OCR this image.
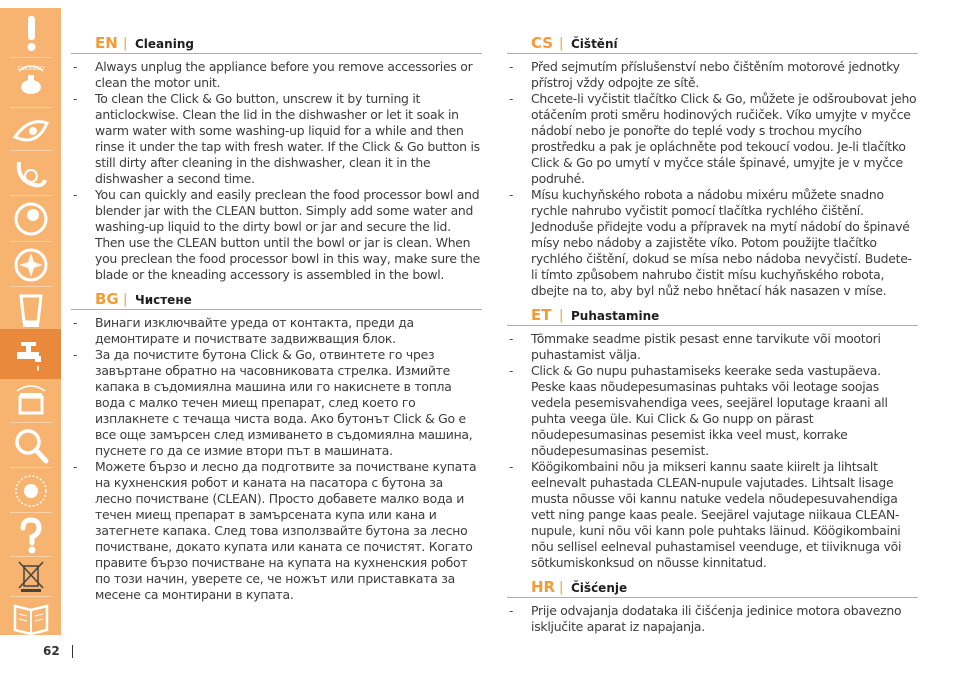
CLICK&GO
EN | Cleaning
- Always unplug the appliance before you remove accessories or clean the motor unit.
- To clean the Click & Go button, unscrew it by turning it anticlockwise. Clean the lid in the dishwasher or let it soak in warm water with some washing-up liquid for a while and then rinse it under the tap with fresh water. If the Click & Go button is still dirty after cleaning in the dishwasher, clean it in the dishwasher a second time.
- You can quickly and easily preclean the food processor bowl and blender jar with the CLEAN button. Simply add some water and washing-up liquid to the dirty bowl or jar and secure the lid. Then use the CLEAN button until the bowl or jar is clean. When you preclean the food processor bowl in this way, make sure the blade or the kneading accessory is assembled in the bowl.
BG | Чистене
- Винаги изключвайте уреда от контакта, преди да демонтирате и почиствате задвижващия блок.
- За да почистите бутона Click & Go, отвинтете го чрез завъртане обратно на часовниковата стрелка. Измийте капака в съдомиялна машина или го накиснете в топла вода с малко течен миещ препарат, след което го изплакнете с течаща чиста вода. Ако бутонът Click & Go е все още замърсен след измиването в съдомиялна машина, пуснете го да се измие втори път в машината.
- Можете бързо и лесно да подготвите за почистване купата на кухненския робот и каната на пасатора с бутона за лесно почистване (CLEAN). Просто добавете малко вода и течен миещ препарат в замърсената купа или кана и затегнете капака. След това използвайте бутона за лесно почистване, докато купата или каната се почистят. Когато правите бързо почистване на купата на кухненския робот по този начин, уверете се, че ножът или приставката за месене са монтирани в купата.
CS | Čištění
- Před sejmutím příslušenství nebo čištěním motorové jednotky přístroj vždy odpojte ze sítě.
- Chcete-li vyčistit tlačítko Click & Go, můžete je odšroubovat jeho otáčením proti směru hodinových ručiček. Víko umyjte v myčce nádobí nebo je ponořte do teplé vody s trochou mycího prostředku a pak je opláchněte pod tekoucí vodou. Je-li tlačítko Click & Go po umytí v myčce stále špinavé, umyjte je v myčce podruhé.
- Mísu kuchyňského robota a nádobu mixéru můžete snadno rychle nahrubo vyčistit pomocí tlačítka rychlého čištění. Jednoduše přidejte vodu a přípravek na mytí nádobí do špinavé mísy nebo nádoby a zajistěte víko. Potom použijte tlačítko rychlého čištění, dokud se mísa nebo nádoba nevyčistí. Budete-li tímto způsobem nahrubo čistit mísu kuchyňského robota, dbejte na to, aby byl nůž nebo hnětací hák nasazen v míse.
ET | Puhastamine
- Tõmmake seadme pistik pesast enne tarvikute või mootori puhastamist välja.
- Click & Go nupu puhastamiseks keerake seda vastupäeva. Peske kaas nõudepesumasinas puhtaks või leotage soojas vedela pesemisvahendiga vees, seejärel loputage kraani all puhta veega üle. Kui Click & Go nupp on pärast nõudepesumasinas pesemist ikka veel must, korrake nõudepesumasinas pesemist.
- Köögikombaini nõu ja mikseri kannu saate kiirelt ja lihtsalt eelnevalt puhastada CLEAN-nupule vajutades. Lihtsalt lisage musta nõusse või kannu natuke vedela nõudepesuvahendiga vett ning pange kaas peale. Seejärel vajutage niikaua CLEAN-nupule, kuni nõu või kann pole puhtaks läinud. Köögikombaini nõu sellisel eelneval puhastamisel veenduge, et tiiviknuga või sõtkumiskonksud on nõusse kinnitatud.
HR | Čišćenje
- Prije odvajanja dodataka ili čišćenja jedinice motora obavezno isključite aparat iz napajanja.
62
